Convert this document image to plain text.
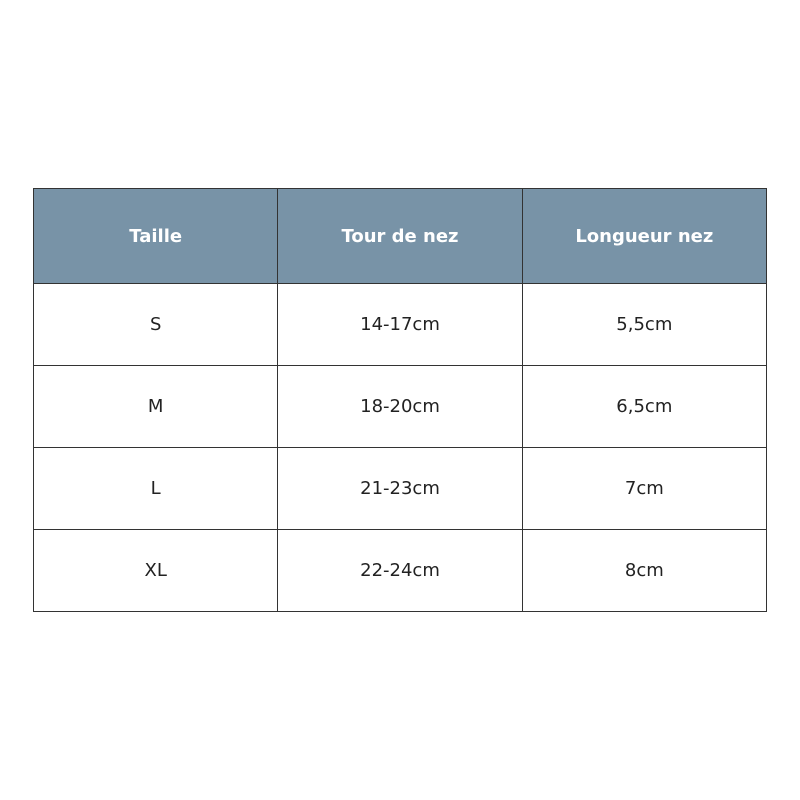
Taille	Tour de nez	Longueur nez
S	14-17cm	5,5cm
M	18-20cm	6,5cm
L	21-23cm	7cm
XL	22-24cm	8cm
